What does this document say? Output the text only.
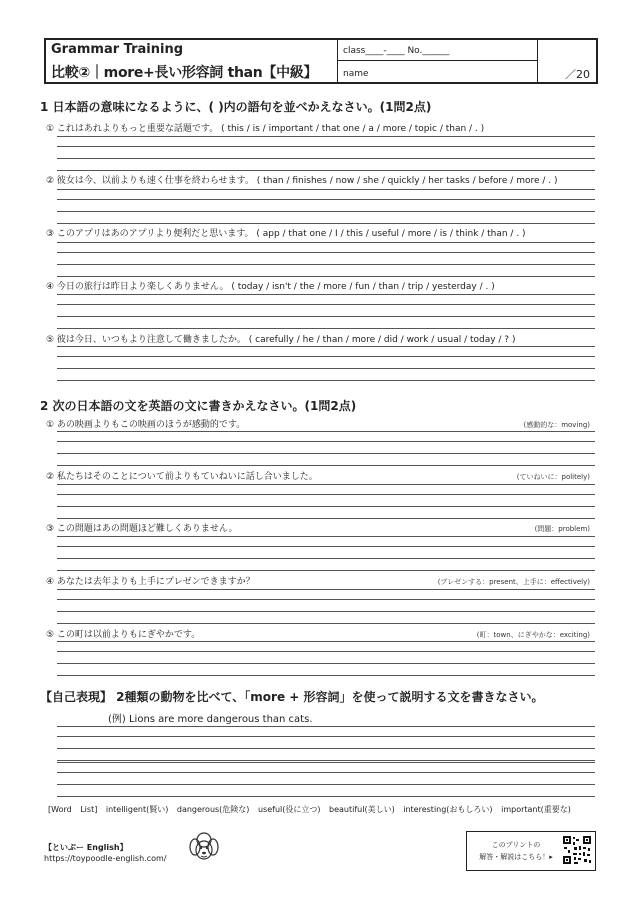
Grammar Training
比較②｜more+長い形容詞 than【中級】
class____-____ No.______
name	／20
1 日本語の意味になるように、( )内の語句を並べかえなさい。(1問2点)
① これはあれよりもっと重要な話題です。 ( this / is / important / that one / a / more / topic / than / . )
② 彼女は今、以前よりも速く仕事を終わらせます。 ( than / finishes / now / she / quickly / her tasks / before / more / . )
③ このアプリはあのアプリより便利だと思います。 ( app / that one / I / this / useful / more / is / think / than / . )
④ 今日の旅行は昨日より楽しくありません。 ( today / isn't / the / more / fun / than / trip / yesterday / . )
⑤ 彼は今日、いつもより注意して働きましたか。 ( carefully / he / than / more / did / work / usual / today / ? )
2 次の日本語の文を英語の文に書きかえなさい。(1問2点)
① あの映画よりもこの映画のほうが感動的です。	(感動的な：moving)
② 私たちはそのことについて前よりもていねいに話し合いました。	(ていねいに：politely)
③ この問題はあの問題ほど難しくありません。	(問題：problem)
④ あなたは去年よりも上手にプレゼンできますか？	(プレゼンする：present、上手に：effectively)
⑤ この町は以前よりもにぎやかです。	(町：town、にぎやかな：exciting)
【自己表現】 2種類の動物を比べて、「more + 形容詞」を使って説明する文を書きなさい。
(例) Lions are more dangerous than cats.
[Word List] intelligent(賢い) dangerous(危険な) useful(役に立つ) beautiful(美しい) interesting(おもしろい) important(重要な)
【といぷー English】
https://toypoodle-english.com/
このプリントの
解答・解説はこちら！▸
